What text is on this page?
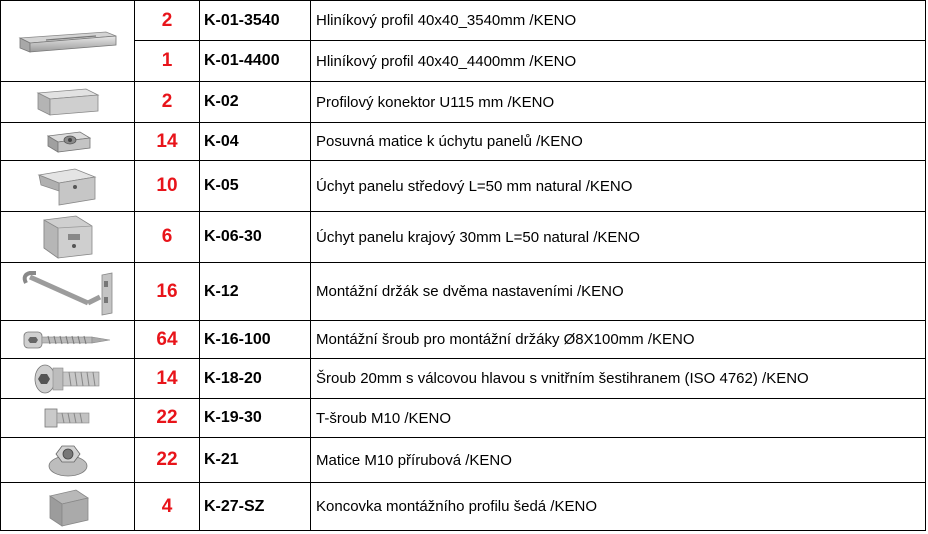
	2	K-01-3540	Hliníkový profil 40x40_3540mm /KENO
	1	K-01-4400	Hliníkový profil 40x40_4400mm /KENO
	2	K-02	Profilový konektor U115 mm /KENO
	14	K-04	Posuvná matice k úchytu panelů /KENO
	10	K-05	Úchyt panelu středový L=50 mm natural /KENO
	6	K-06-30	Úchyt panelu krajový 30mm L=50 natural /KENO
	16	K-12	Montážní držák se dvěma nastaveními /KENO
	64	K-16-100	Montážní šroub pro montážní držáky Ø8X100mm /KENO
	14	K-18-20	Šroub 20mm s válcovou hlavou s vnitřním šestihranem (ISO 4762) /KENO
	22	K-19-30	T-šroub M10 /KENO
	22	K-21	Matice M10 přírubová /KENO
	4	K-27-SZ	Koncovka montážního profilu šedá /KENO
